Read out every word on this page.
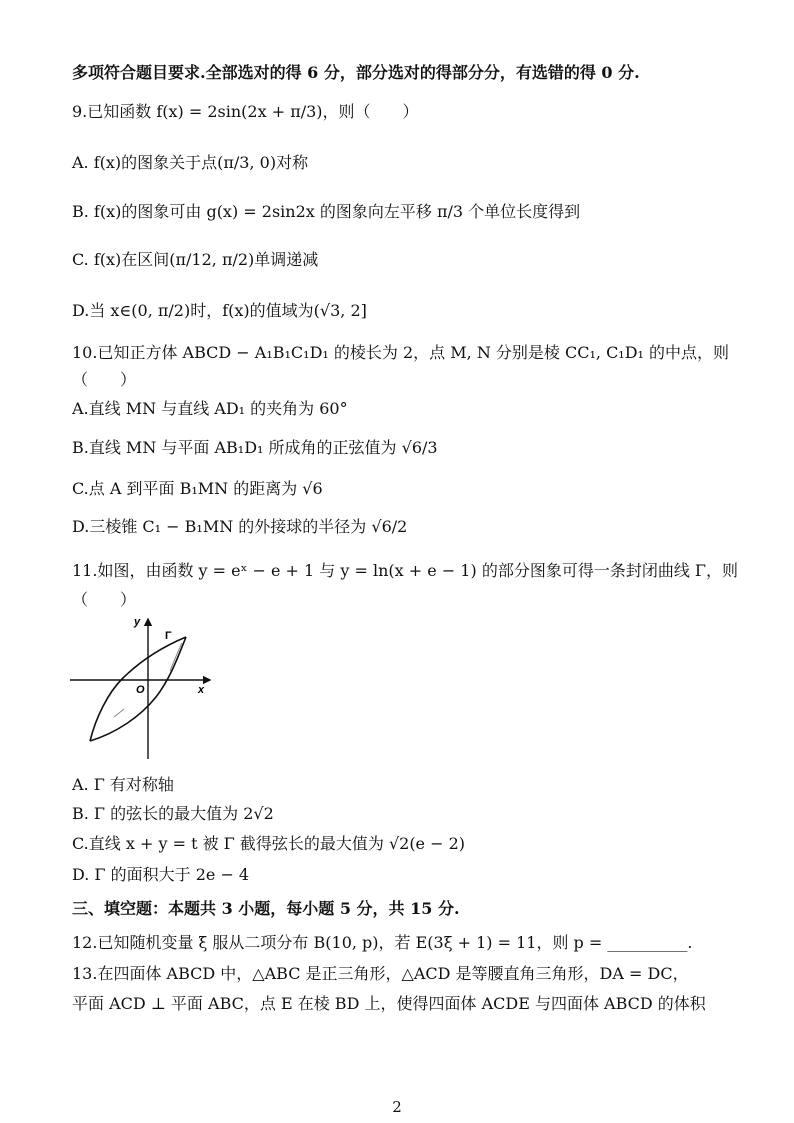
多项符合题目要求.全部选对的得 6 分，部分选对的得部分分，有选错的得 0 分.
9.已知函数 f(x) = 2sin(2x + π/3)，则（　　）
A. f(x)的图象关于点(π/3, 0)对称
B. f(x)的图象可由 g(x) = 2sin2x 的图象向左平移 π/3 个单位长度得到
C. f(x)在区间(π/12, π/2)单调递减
D.当 x∈(0, π/2)时，f(x)的值域为(√3, 2]
10.已知正方体 ABCD − A₁B₁C₁D₁ 的棱长为 2，点 M, N 分别是棱 CC₁, C₁D₁ 的中点，则
（　　）
A.直线 MN 与直线 AD₁ 的夹角为 60°
B.直线 MN 与平面 AB₁D₁ 所成角的正弦值为 √6/3
C.点 A 到平面 B₁MN 的距离为 √6
D.三棱锥 C₁ − B₁MN 的外接球的半径为 √6/2
11.如图，由函数 y = eˣ − e + 1 与 y = ln(x + e − 1) 的部分图象可得一条封闭曲线 Γ，则
（　　）
y
x
O
Γ
A. Γ 有对称轴
B. Γ 的弦长的最大值为 2√2
C.直线 x + y = t 被 Γ 截得弦长的最大值为 √2(e − 2)
D. Γ 的面积大于 2e − 4
三、填空题：本题共 3 小题，每小题 5 分，共 15 分.
12.已知随机变量 ξ 服从二项分布 B(10, p)，若 E(3ξ + 1) = 11，则 p = __________.
13.在四面体 ABCD 中，△ABC 是正三角形，△ACD 是等腰直角三角形，DA = DC，
平面 ACD ⊥ 平面 ABC，点 E 在棱 BD 上，使得四面体 ACDE 与四面体 ABCD 的体积
2
